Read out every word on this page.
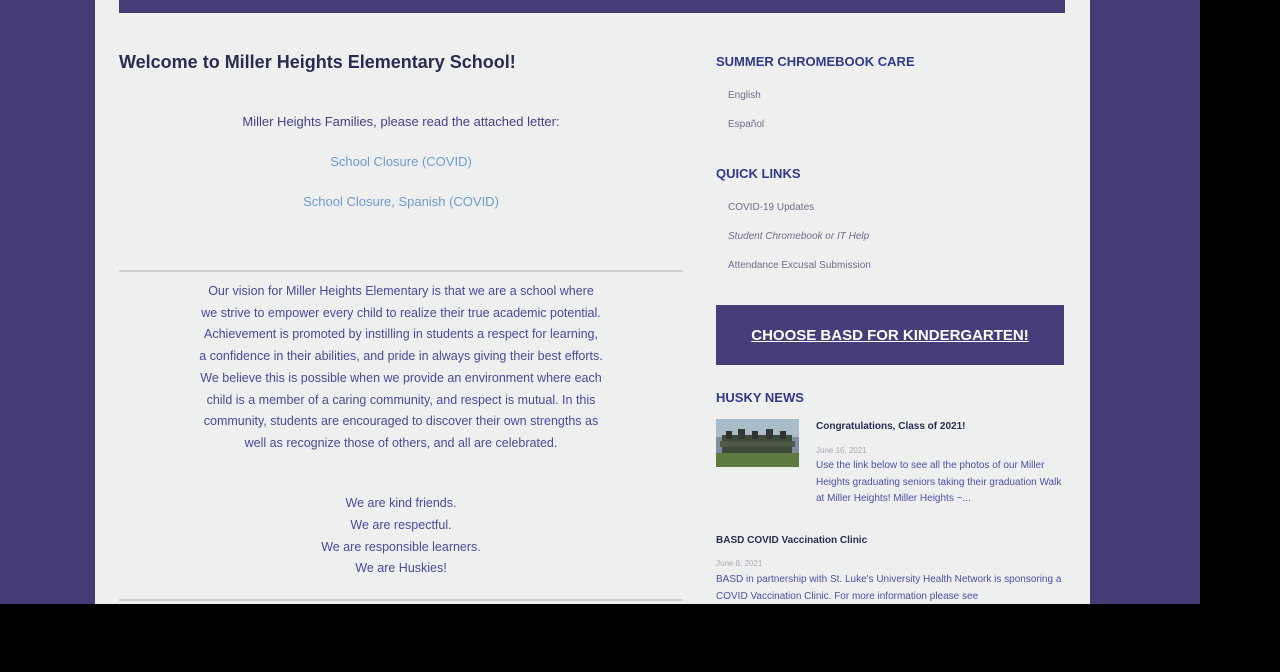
Welcome to Miller Heights Elementary School!
Miller Heights Families, please read the attached letter:
School Closure (COVID)
School Closure, Spanish (COVID)
Our vision for Miller Heights Elementary is that we are a school where we strive to empower every child to realize their true academic potential. Achievement is promoted by instilling in students a respect for learning, a confidence in their abilities, and pride in always giving their best efforts. We believe this is possible when we provide an environment where each child is a member of a caring community, and respect is mutual. In this community, students are encouraged to discover their own strengths as well as recognize those of others, and all are celebrated.
We are kind friends.
We are respectful.
We are responsible learners.
We are Huskies!
SUMMER CHROMEBOOK CARE
English
Español
QUICK LINKS
COVID-19 Updates
Student Chromebook or IT Help
Attendance Excusal Submission
CHOOSE BASD FOR KINDERGARTEN!
HUSKY NEWS
Congratulations, Class of 2021!
June 16, 2021
Use the link below to see all the photos of our Miller Heights graduating seniors taking their graduation Walk at Miller Heights! Miller Heights ~...
BASD COVID Vaccination Clinic
June 8, 2021
BASD in partnership with St. Luke's University Health Network is sponsoring a COVID Vaccination Clinic. For more information please see
